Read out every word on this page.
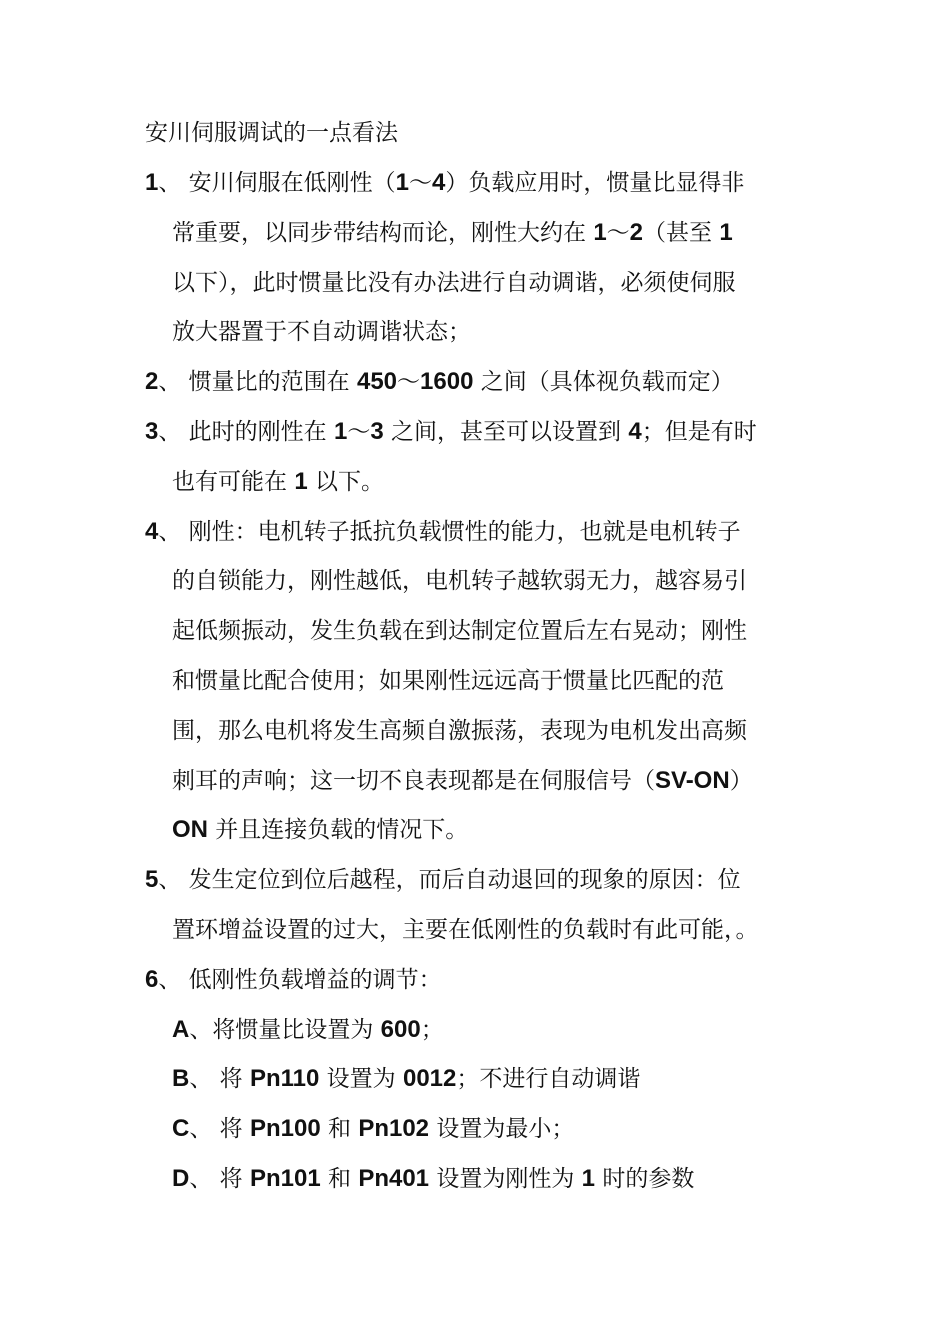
安川伺服调试的一点看法
1、 安川伺服在低刚性（1～4）负载应用时，惯量比显得非
常重要，以同步带结构而论，刚性大约在 1～2（甚至 1
以下），此时惯量比没有办法进行自动调谐，必须使伺服
放大器置于不自动调谐状态；
2、 惯量比的范围在 450～1600 之间（具体视负载而定）
3、 此时的刚性在 1～3 之间，甚至可以设置到 4；但是有时
也有可能在 1 以下。
4、 刚性：电机转子抵抗负载惯性的能力，也就是电机转子
的自锁能力，刚性越低，电机转子越软弱无力，越容易引
起低频振动，发生负载在到达制定位置后左右晃动；刚性
和惯量比配合使用；如果刚性远远高于惯量比匹配的范
围，那么电机将发生高频自激振荡，表现为电机发出高频
刺耳的声响；这一切不良表现都是在伺服信号（SV-ON）
ON 并且连接负载的情况下。
5、 发生定位到位后越程，而后自动退回的现象的原因：位
置环增益设置的过大，主要在低刚性的负载时有此可能，。
6、 低刚性负载增益的调节：
A、将惯量比设置为 600；
B、 将 Pn110 设置为 0012；不进行自动调谐
C、 将 Pn100 和 Pn102 设置为最小；
D、 将 Pn101 和 Pn401 设置为刚性为 1 时的参数
